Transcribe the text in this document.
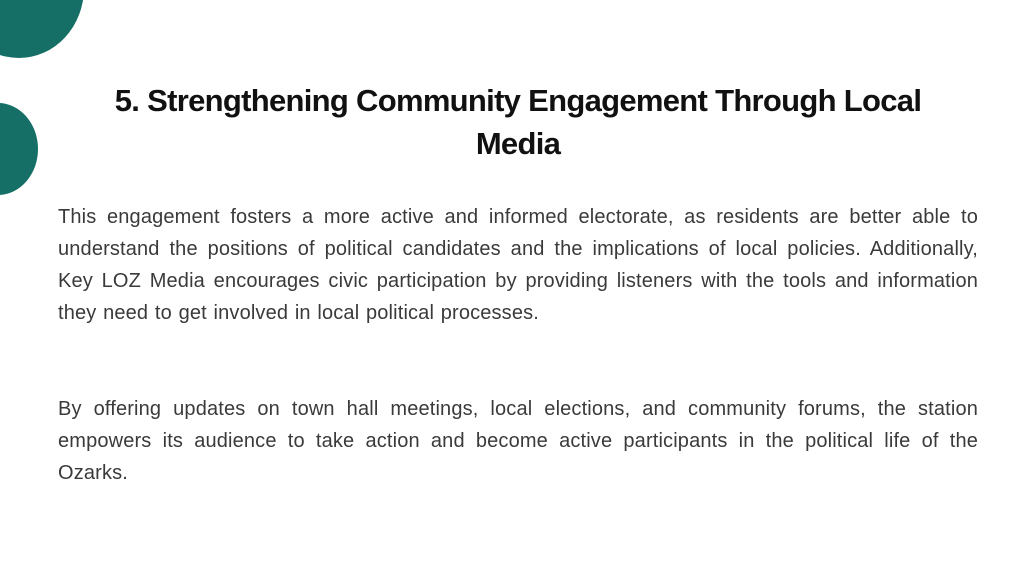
5. Strengthening Community Engagement Through Local Media

This engagement fosters a more active and informed electorate, as residents are better able to understand the positions of political candidates and the implications of local policies. Additionally, Key LOZ Media encourages civic participation by providing listeners with the tools and information they need to get involved in local political processes.

By offering updates on town hall meetings, local elections, and community forums, the station empowers its audience to take action and become active participants in the political life of the Ozarks.
